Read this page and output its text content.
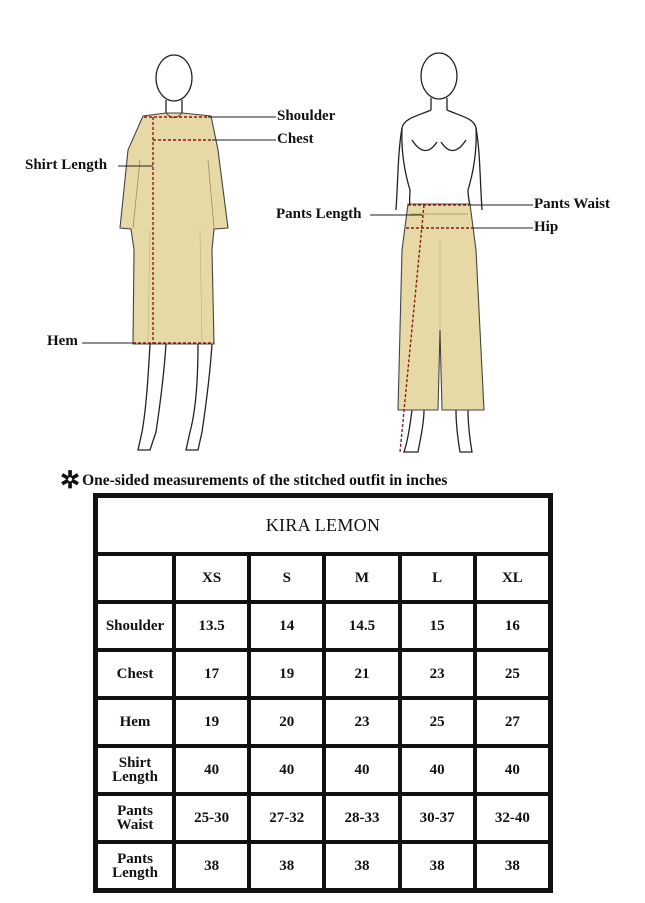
Shoulder
Chest
Shirt Length
Hem
Pants Length
Pants Waist
Hip
✲ One-sided measurements of the stitched outfit in inches
KIRA LEMON					
	XS	S	M	L	XL
Shoulder	13.5	14	14.5	15	16
Chest	17	19	21	23	25
Hem	19	20	23	25	27
Shirt
Length	40	40	40	40	40
Pants
Waist	25-30	27-32	28-33	30-37	32-40
Pants
Length	38	38	38	38	38
